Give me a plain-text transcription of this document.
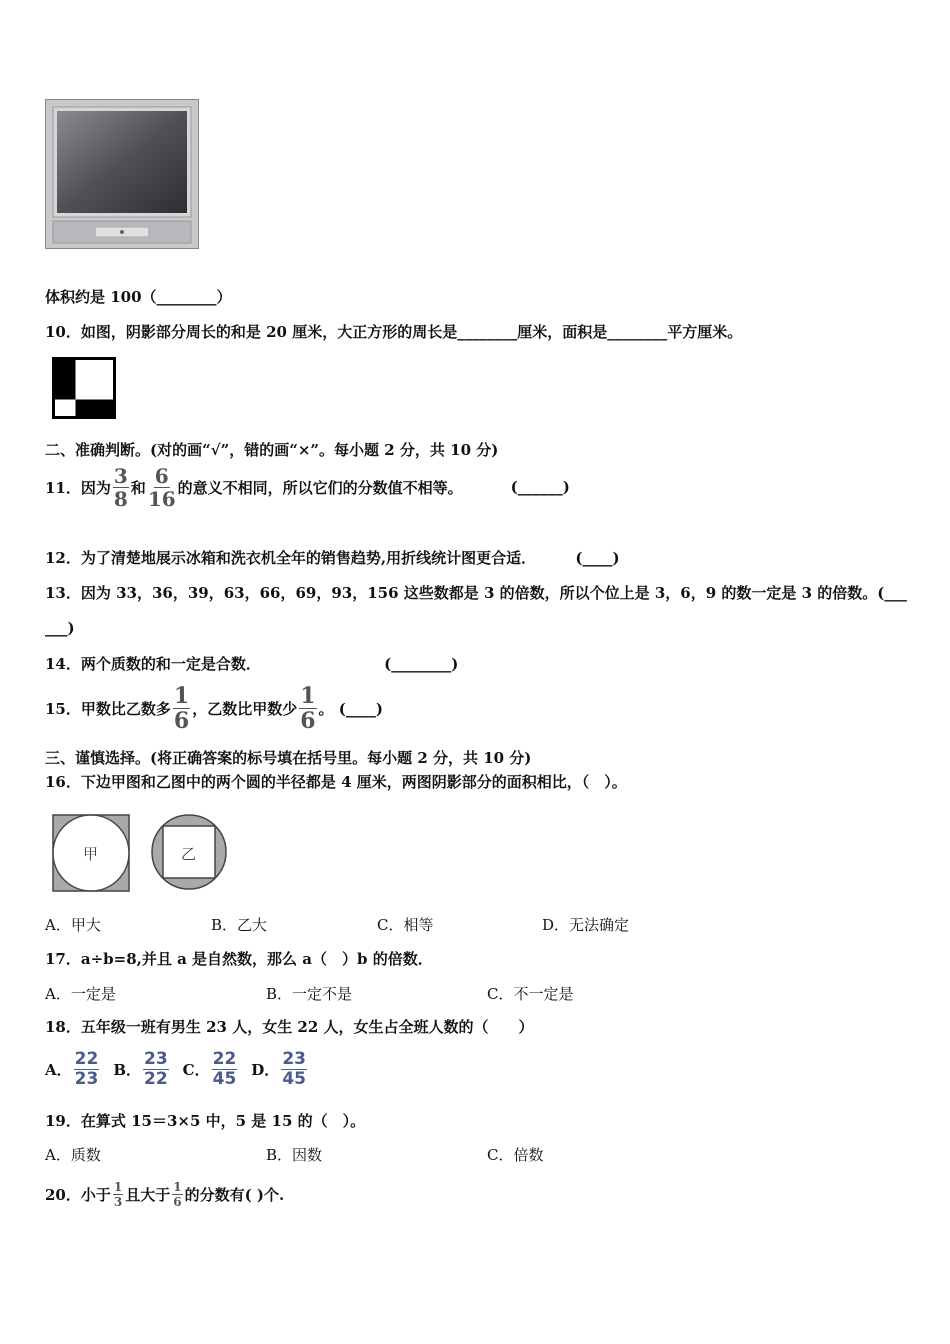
体积约是 100（________）
10．如图，阴影部分周长的和是 20 厘米，大正方形的周长是________厘米，面积是________平方厘米。
二、准确判断。(对的画“√”，错的画“×”。每小题 2 分，共 10 分)
11．因为 $\frac{3}{8}$ 和 $\frac{6}{16}$ 的意义不相同，所以它们的分数值不相等。	(______)
12．为了清楚地展示冰箱和洗衣机全年的销售趋势,用折线统计图更合适．	(____)
13．因为 33，36，39，63，66，69，93，156 这些数都是 3 的倍数，所以个位上是 3，6，9 的数一定是 3 的倍数。(___
___)
14．两个质数的和一定是合数．	(________)
15．甲数比乙数多 $\frac{1}{6}$ ，乙数比甲数少 $\frac{1}{6}$ 。 (____)
三、谨慎选择。(将正确答案的标号填在括号里。每小题 2 分，共 10 分)
16．下边甲图和乙图中的两个圆的半径都是 4 厘米，两图阴影部分的面积相比，（　）。
甲	乙
A．甲大	B．乙大	C．相等	D．无法确定
17．a÷b=8,并且 a 是自然数，那么 a（　）b 的倍数．
A．一定是	B．一定不是	C．不一定是
18．五年级一班有男生 23 人，女生 22 人，女生占全班人数的（　　）
A． $\frac{22}{23}$ B． $\frac{23}{22}$ C． $\frac{22}{45}$ D． $\frac{23}{45}$
19．在算式 15＝3×5 中，5 是 15 的（　）。
A．质数	B．因数	C．倍数
20．小于 $\frac{1}{3}$ 且大于 $\frac{1}{6}$ 的分数有( )个.
